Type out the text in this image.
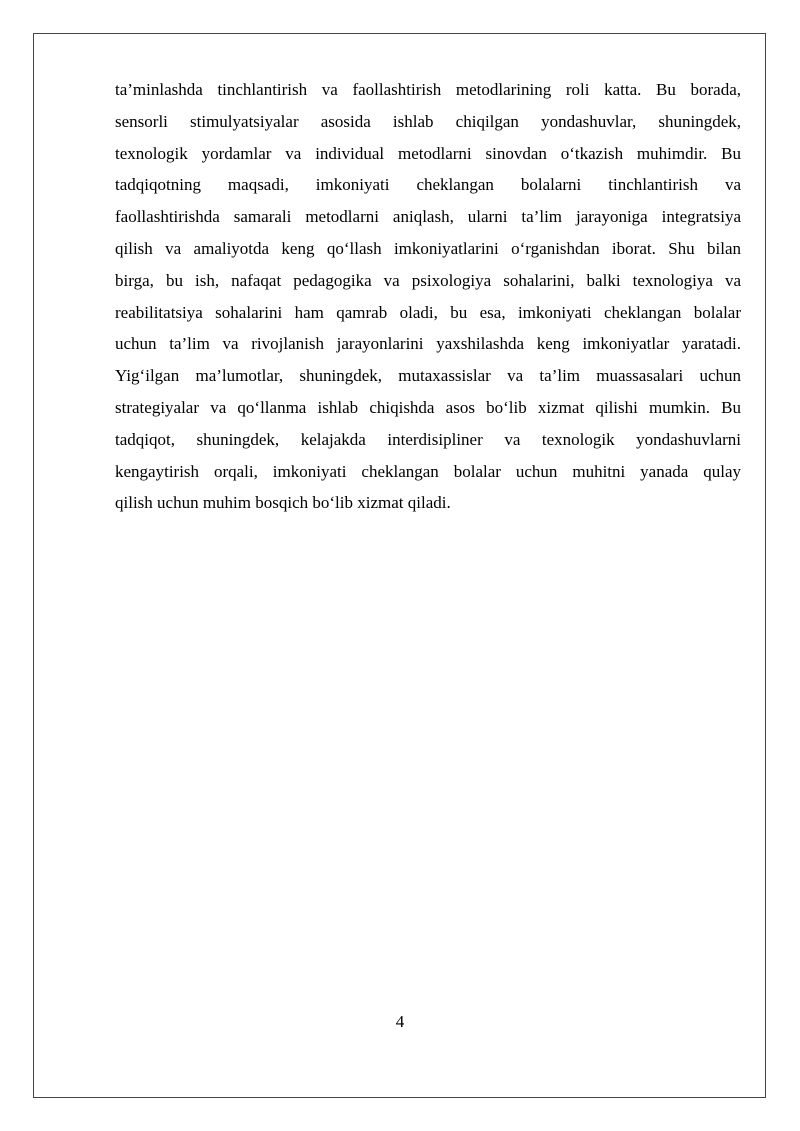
ta’minlashda tinchlantirish va faollashtirish metodlarining roli katta. Bu borada,
sensorli stimulyatsiyalar asosida ishlab chiqilgan yondashuvlar, shuningdek,
texnologik yordamlar va individual metodlarni sinovdan oʻtkazish muhimdir. Bu
tadqiqotning maqsadi, imkoniyati cheklangan bolalarni tinchlantirish va
faollashtirishda samarali metodlarni aniqlash, ularni ta’lim jarayoniga integratsiya
qilish va amaliyotda keng qoʻllash imkoniyatlarini oʻrganishdan iborat. Shu bilan
birga, bu ish, nafaqat pedagogika va psixologiya sohalarini, balki texnologiya va
reabilitatsiya sohalarini ham qamrab oladi, bu esa, imkoniyati cheklangan bolalar
uchun ta’lim va rivojlanish jarayonlarini yaxshilashda keng imkoniyatlar yaratadi.
Yigʻilgan ma’lumotlar, shuningdek, mutaxassislar va ta’lim muassasalari uchun
strategiyalar va qoʻllanma ishlab chiqishda asos boʻlib xizmat qilishi mumkin. Bu
tadqiqot, shuningdek, kelajakda interdisipliner va texnologik yondashuvlarni
kengaytirish orqali, imkoniyati cheklangan bolalar uchun muhitni yanada qulay
qilish uchun muhim bosqich boʻlib xizmat qiladi.
4
